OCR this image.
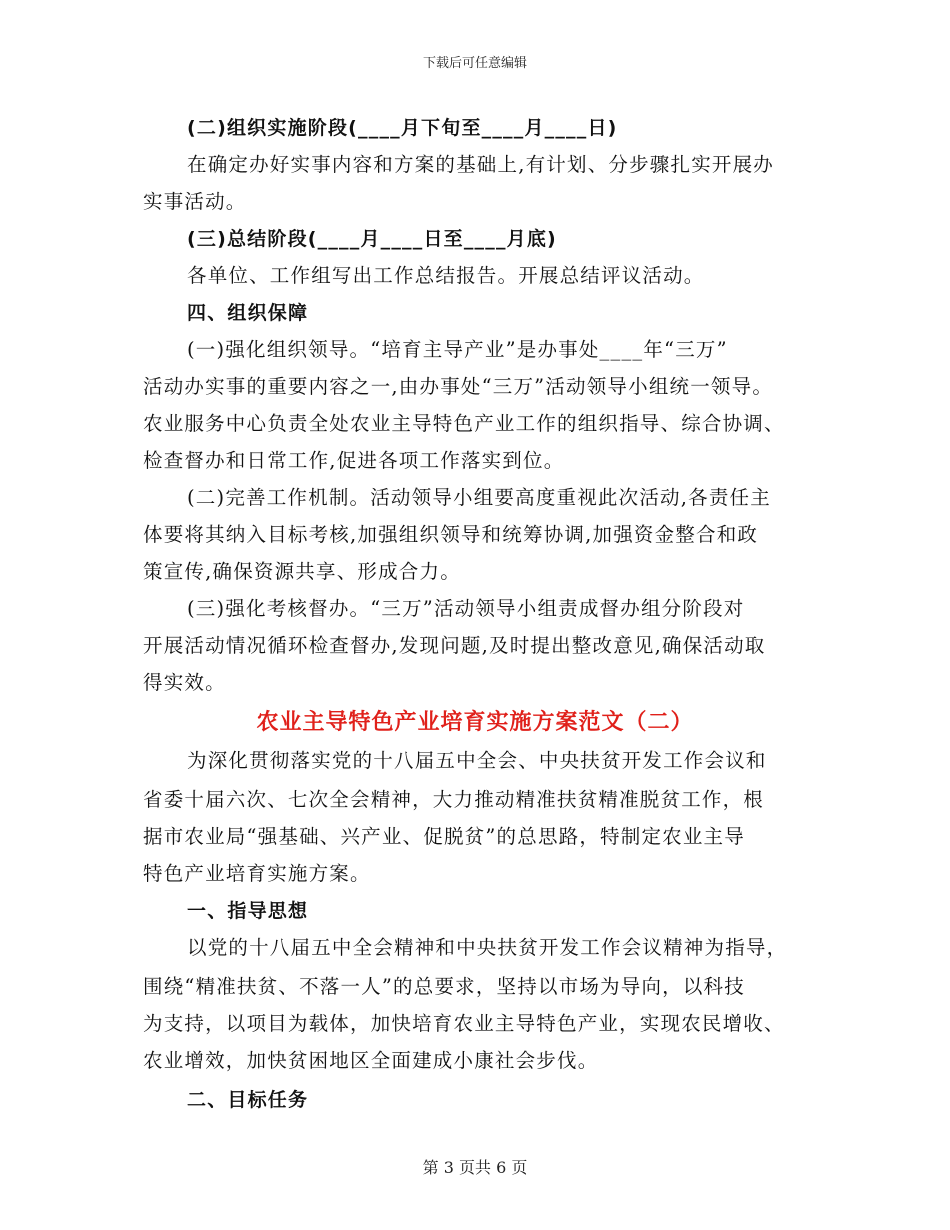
下载后可任意编辑
(二)组织实施阶段(____月下旬至____月____日)
在确定办好实事内容和方案的基础上,有计划、分步骤扎实开展办
实事活动。
(三)总结阶段(____月____日至____月底)
各单位、工作组写出工作总结报告。开展总结评议活动。
四、组织保障
(一)强化组织领导。“培育主导产业”是办事处____年“三万”
活动办实事的重要内容之一,由办事处“三万”活动领导小组统一领导。
农业服务中心负责全处农业主导特色产业工作的组织指导、综合协调、
检查督办和日常工作,促进各项工作落实到位。
(二)完善工作机制。活动领导小组要高度重视此次活动,各责任主
体要将其纳入目标考核,加强组织领导和统筹协调,加强资金整合和政
策宣传,确保资源共享、形成合力。
(三)强化考核督办。“三万”活动领导小组责成督办组分阶段对
开展活动情况循环检查督办,发现问题,及时提出整改意见,确保活动取
得实效。
农业主导特色产业培育实施方案范文（二）
为深化贯彻落实党的十八届五中全会、中央扶贫开发工作会议和
省委十届六次、七次全会精神，大力推动精准扶贫精准脱贫工作，根
据市农业局“强基础、兴产业、促脱贫”的总思路，特制定农业主导
特色产业培育实施方案。
一、指导思想
以党的十八届五中全会精神和中央扶贫开发工作会议精神为指导，
围绕“精准扶贫、不落一人”的总要求，坚持以市场为导向，以科技
为支持，以项目为载体，加快培育农业主导特色产业，实现农民增收、
农业增效，加快贫困地区全面建成小康社会步伐。
二、目标任务
第 3 页共 6 页
